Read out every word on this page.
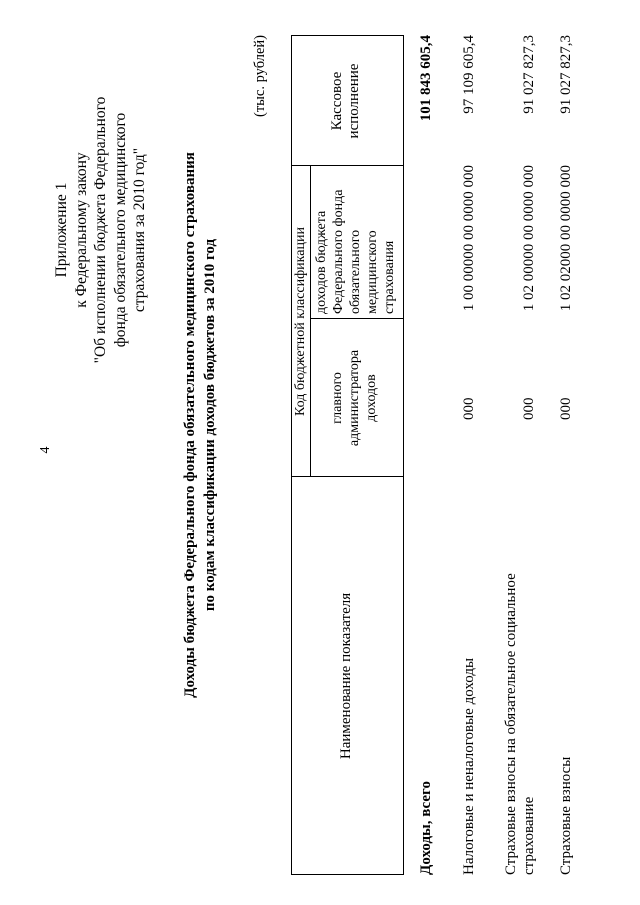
4
Приложение 1 к Федеральному закону "Об исполнении бюджета Федерального фонда обязательного медицинского страхования за 2010 год" Доходы бюджета Федерального фонда обязательного медицинского страхования по кодам классификации доходов бюджетов за 2010 год
(тыс. рублей)
Наименование показателя
Код бюджетной классификации главного администратора доходов
доходов бюджета Федерального фонда обязательного медицинского страхования
Кассовое исполнение
Доходы, всего
101 843 605,4
Налоговые и неналоговые доходы
000
1 00 00000 00 0000 000
97 109 605,4
Страховые взносы на обязательное социальное страхование
000
1 02 00000 00 0000 000
91 027 827,3
Страховые взносы
000
1 02 02000 00 0000 000
91 027 827,3
